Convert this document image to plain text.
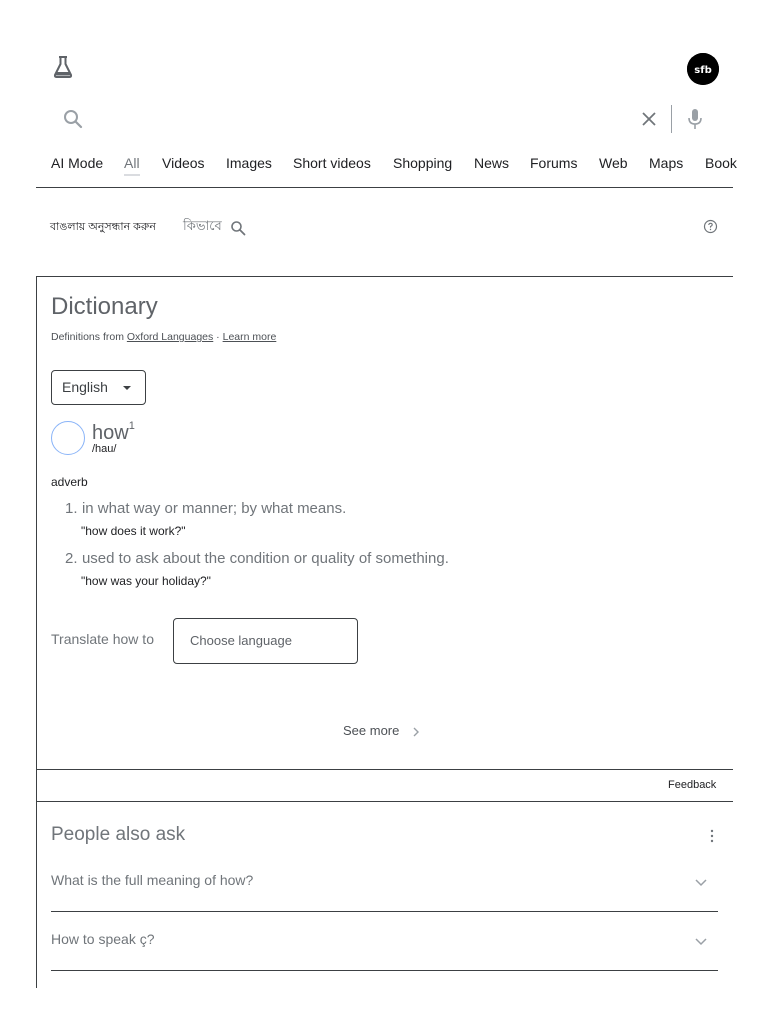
sfb
AI Mode All Videos Images Short videos Shopping News Forums Web Maps Book
বাঙলায় অনুসন্ধান করুন কিভাবে
Dictionary
Definitions from Oxford Languages · Learn more
English
how$^1$
/hau/
adverb
1. in what way or manner; by what means.
"how does it work?"
2. used to ask about the condition or quality of something.
"how was your holiday?"
Translate how to	Choose language
See more
Feedback
People also ask
What is the full meaning of how?
How to speak ç?
